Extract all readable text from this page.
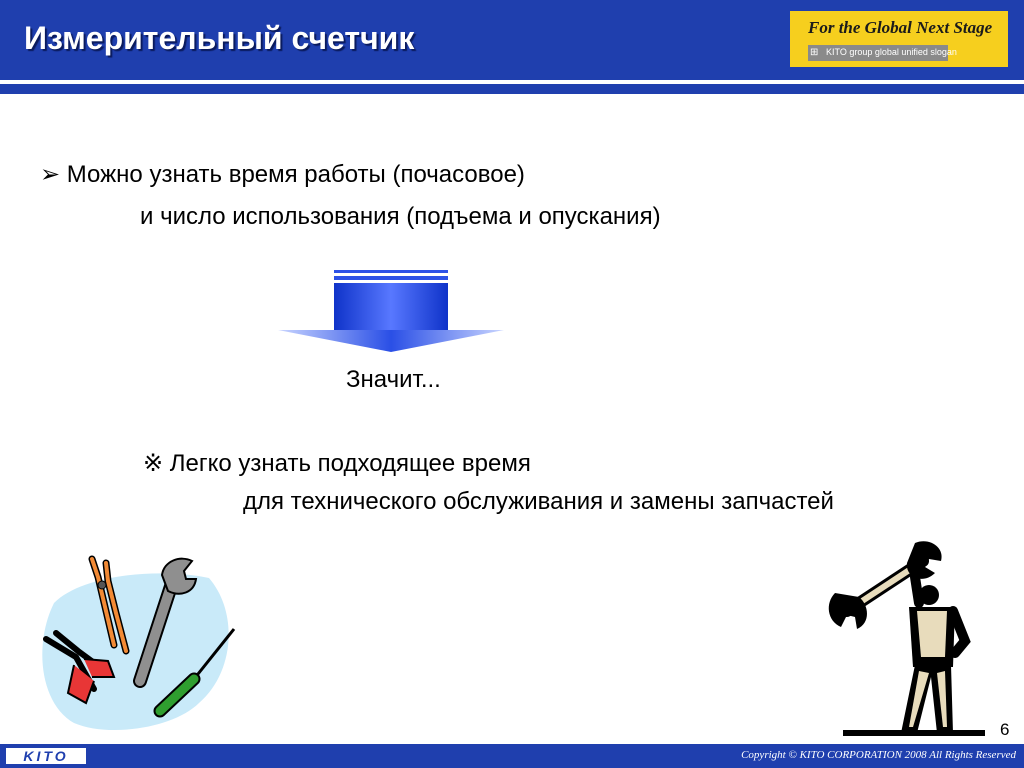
Измерительный счетчик	For the Global Next Stage
⊞ KITO group global unified slogan
➢ Можно узнать время работы (почасовое)
и число использования (подъема и опускания)
Значит...
※ Легко узнать подходящее время
для технического обслуживания и замены запчастей
6
KITO	Copyright © KITO CORPORATION 2008 All Rights Reserved
